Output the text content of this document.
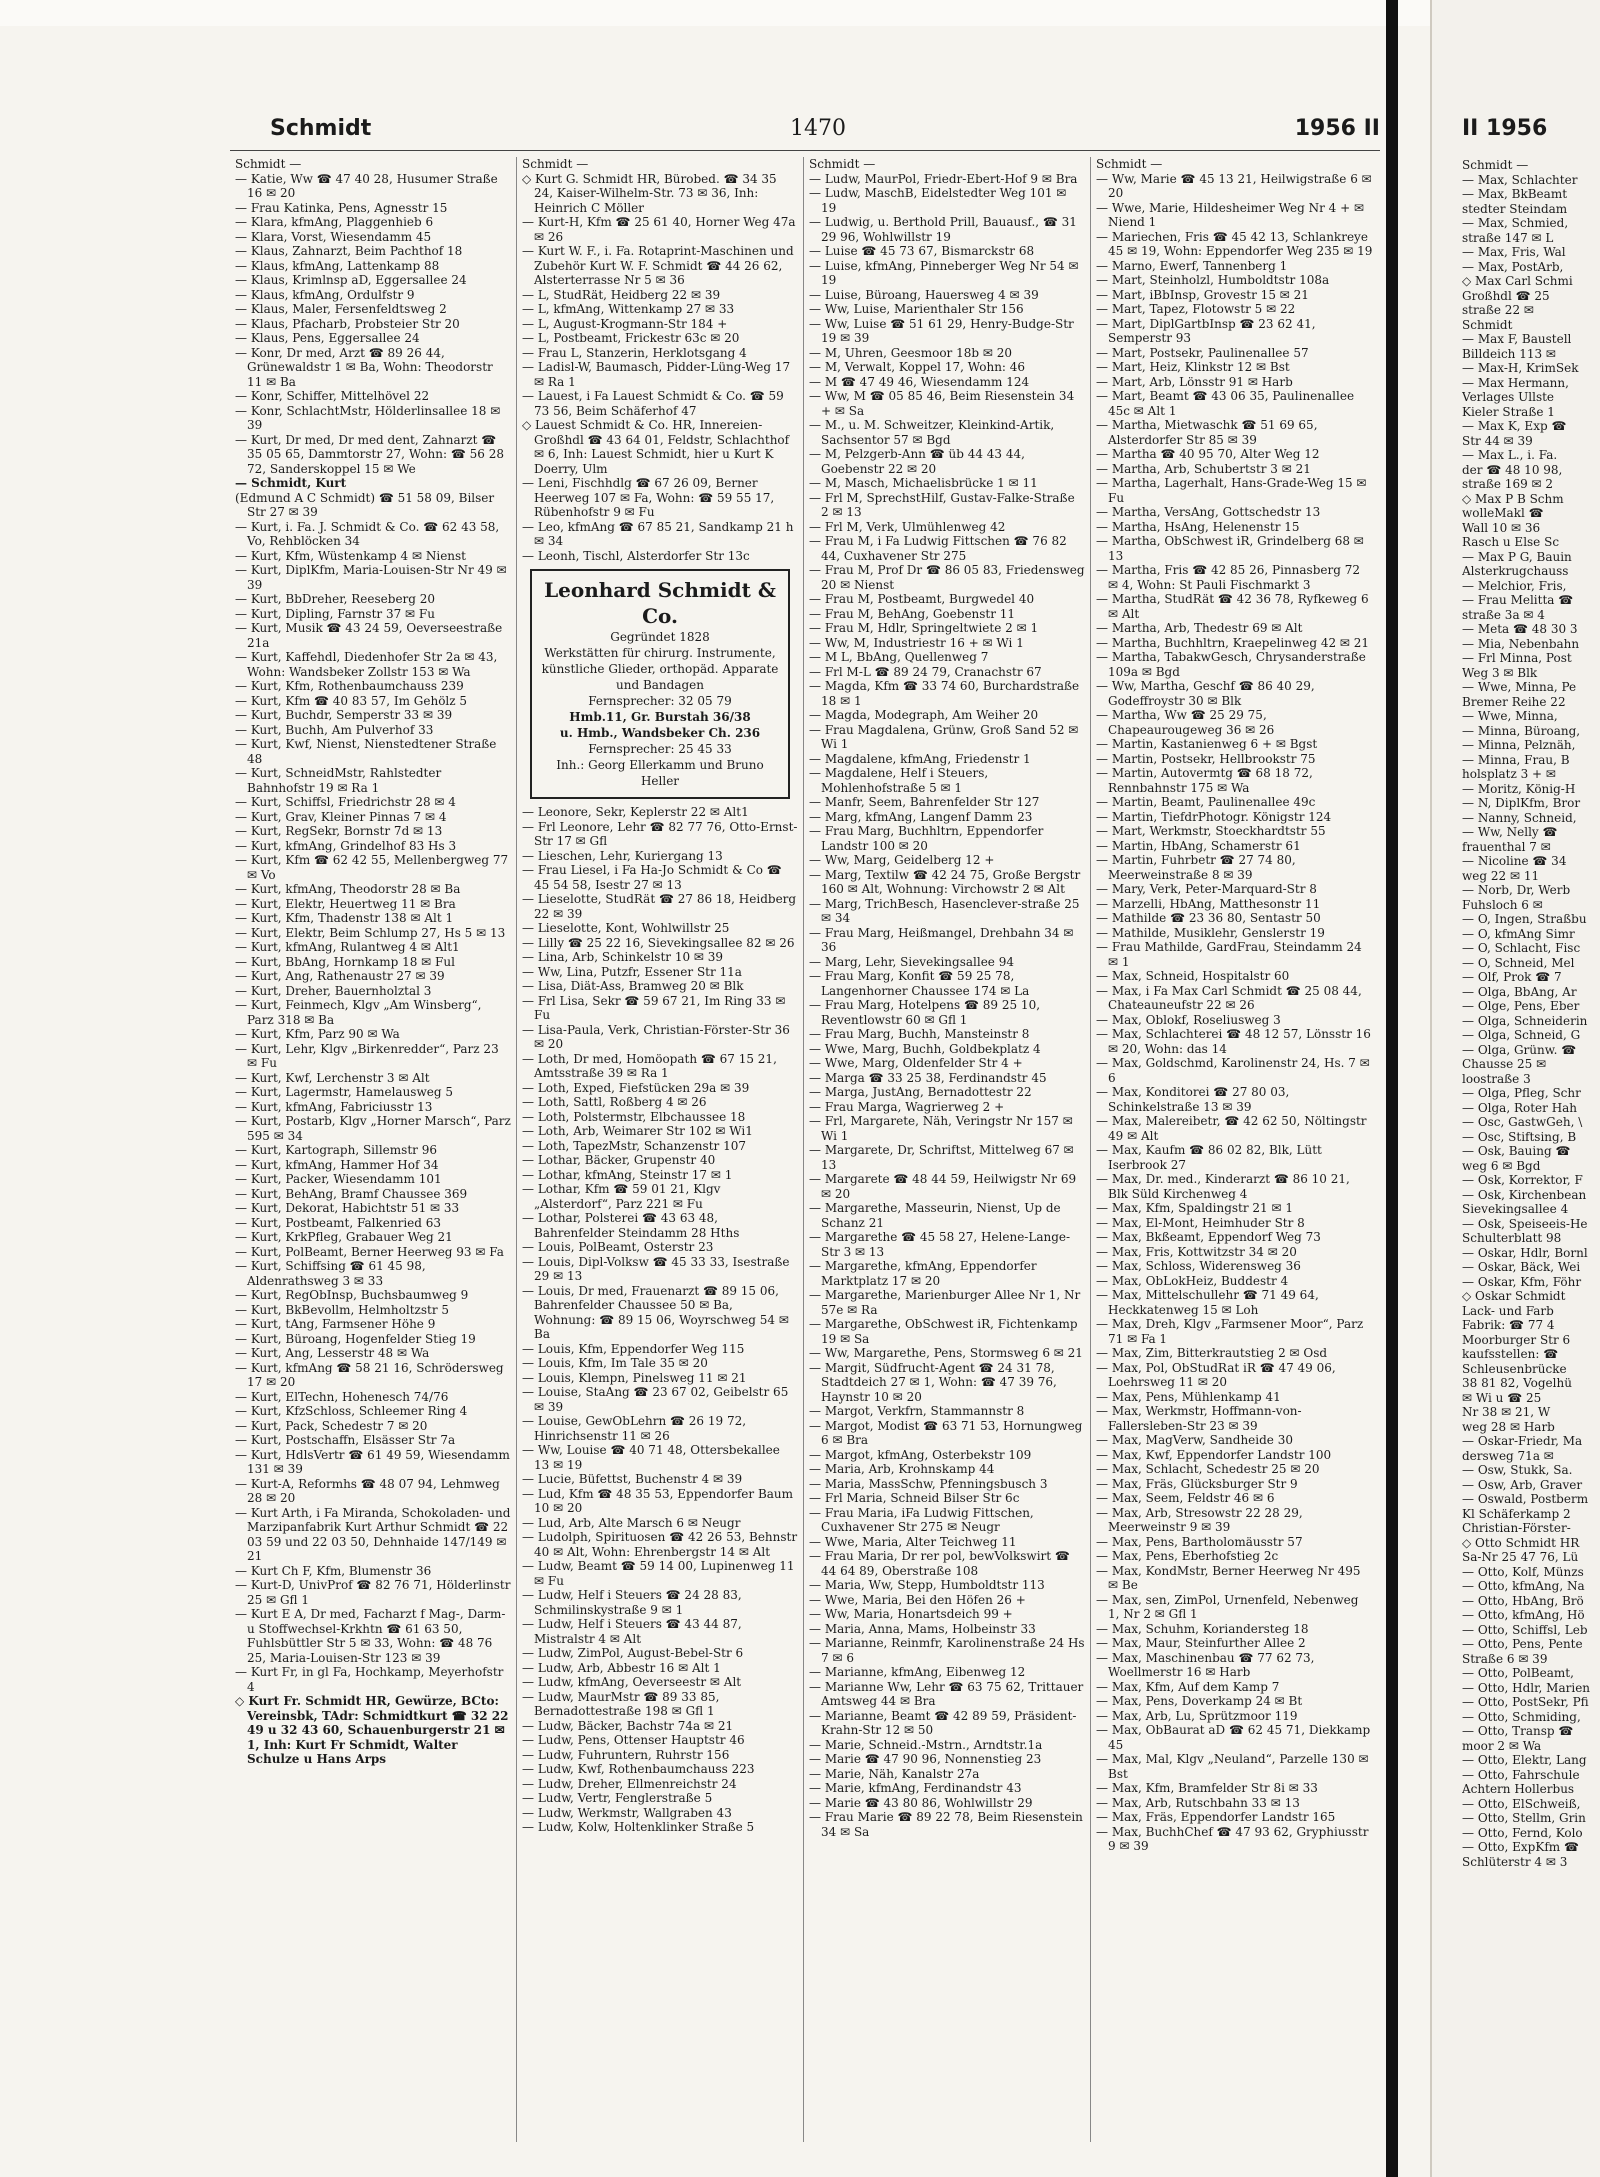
Schmidt	1470	1956 II

Schmidt —

— Katie, Ww ☎ 47 40 28, Husumer Straße 16 ✉ 20

— Frau Katinka, Pens, Agnesstr 15

— Klara, kfmAng, Plaggenhieb 6

— Klara, Vorst, Wiesendamm 45

— Klaus, Zahnarzt, Beim Pachthof 18

— Klaus, kfmAng, Lattenkamp 88

— Klaus, Krimlnsp aD, Eggersallee 24

— Klaus, kfmAng, Ordulfstr 9

— Klaus, Maler, Fersenfeldtsweg 2

— Klaus, Pfacharb, Probsteier Str 20

— Klaus, Pens, Eggersallee 24

— Konr, Dr med, Arzt ☎ 89 26 44, Grünewaldstr 1 ✉ Ba, Wohn: Theodorstr 11 ✉ Ba

— Konr, Schiffer, Mittelhövel 22

— Konr, SchlachtMstr, Hölderlinsallee 18 ✉ 39

— Kurt, Dr med, Dr med dent, Zahnarzt ☎ 35 05 65, Dammtorstr 27, Wohn: ☎ 56 28 72, Sanderskoppel 15 ✉ We

— Schmidt, Kurt

(Edmund A C Schmidt) ☎ 51 58 09, Bilser Str 27 ✉ 39

— Kurt, i. Fa. J. Schmidt & Co. ☎ 62 43 58, Vo, Rehblöcken 34

— Kurt, Kfm, Wüstenkamp 4 ✉ Nienst

— Kurt, DiplKfm, Maria-Louisen-Str Nr 49 ✉ 39

— Kurt, BbDreher, Reeseberg 20

— Kurt, Dipling, Farnstr 37 ✉ Fu

— Kurt, Musik ☎ 43 24 59, Oeverseestraße 21a

— Kurt, Kaffehdl, Diedenhofer Str 2a ✉ 43, Wohn: Wandsbeker Zollstr 153 ✉ Wa

— Kurt, Kfm, Rothenbaumchauss 239

— Kurt, Kfm ☎ 40 83 57, Im Gehölz 5

— Kurt, Buchdr, Semperstr 33 ✉ 39

— Kurt, Buchh, Am Pulverhof 33

— Kurt, Kwf, Nienst, Nienstedtener Straße 48

— Kurt, SchneidMstr, Rahlstedter Bahnhofstr 19 ✉ Ra 1

— Kurt, Schiffsl, Friedrichstr 28 ✉ 4

— Kurt, Grav, Kleiner Pinnas 7 ✉ 4

— Kurt, RegSekr, Bornstr 7d ✉ 13

— Kurt, kfmAng, Grindelhof 83 Hs 3

— Kurt, Kfm ☎ 62 42 55, Mellenbergweg 77 ✉ Vo

— Kurt, kfmAng, Theodorstr 28 ✉ Ba

— Kurt, Elektr, Heuertweg 11 ✉ Bra

— Kurt, Kfm, Thadenstr 138 ✉ Alt 1

— Kurt, Elektr, Beim Schlump 27, Hs 5 ✉ 13

— Kurt, kfmAng, Rulantweg 4 ✉ Alt1

— Kurt, BbAng, Hornkamp 18 ✉ Ful

— Kurt, Ang, Rathenaustr 27 ✉ 39

— Kurt, Dreher, Bauernholztal 3

— Kurt, Feinmech, Klgv „Am Winsberg“, Parz 318 ✉ Ba

— Kurt, Kfm, Parz 90 ✉ Wa

— Kurt, Lehr, Klgv „Birkenredder“, Parz 23 ✉ Fu

— Kurt, Kwf, Lerchenstr 3 ✉ Alt

— Kurt, Lagermstr, Hamelausweg 5

— Kurt, kfmAng, Fabriciusstr 13

— Kurt, Postarb, Klgv „Horner Marsch“, Parz 595 ✉ 34

— Kurt, Kartograph, Sillemstr 96

— Kurt, kfmAng, Hammer Hof 34

— Kurt, Packer, Wiesendamm 101

— Kurt, BehAng, Bramf Chaussee 369

— Kurt, Dekorat, Habichtstr 51 ✉ 33

— Kurt, Postbeamt, Falkenried 63

— Kurt, KrkPfleg, Grabauer Weg 21

— Kurt, PolBeamt, Berner Heerweg 93 ✉ Fa

— Kurt, Schiffsing ☎ 61 45 98, Aldenrathsweg 3 ✉ 33

— Kurt, RegObInsp, Buchsbaumweg 9

— Kurt, BkBevollm, Helmholtzstr 5

— Kurt, tAng, Farmsener Höhe 9

— Kurt, Büroang, Hogenfelder Stieg 19

— Kurt, Ang, Lesserstr 48 ✉ Wa

— Kurt, kfmAng ☎ 58 21 16, Schrödersweg 17 ✉ 20

— Kurt, ElTechn, Hohenesch 74/76

— Kurt, KfzSchloss, Schleemer Ring 4

— Kurt, Pack, Schedestr 7 ✉ 20

— Kurt, Postschaffn, Elsässer Str 7a

— Kurt, HdlsVertr ☎ 61 49 59, Wiesendamm 131 ✉ 39

— Kurt-A, Reformhs ☎ 48 07 94, Lehmweg 28 ✉ 20

— Kurt Arth, i Fa Miranda, Schokoladen- und Marzipanfabrik Kurt Arthur Schmidt ☎ 22 03 59 und 22 03 50, Dehnhaide 147/149 ✉ 21

— Kurt Ch F, Kfm, Blumenstr 36

— Kurt-D, UnivProf ☎ 82 76 71, Hölderlinstr 25 ✉ Gfl 1

— Kurt E A, Dr med, Facharzt f Mag-, Darm- u Stoffwechsel-Krkhtn ☎ 61 63 50, Fuhlsbüttler Str 5 ✉ 33, Wohn: ☎ 48 76 25, Maria-Louisen-Str 123 ✉ 39

— Kurt Fr, in gl Fa, Hochkamp, Meyerhofstr 4

◇ Kurt Fr. Schmidt HR, Gewürze, BCto: Vereinsbk, TAdr: Schmidtkurt ☎ 32 22 49 u 32 43 60, Schauenburgerstr 21 ✉ 1, Inh: Kurt Fr Schmidt, Walter Schulze u Hans Arps

Schmidt —

◇ Kurt G. Schmidt HR, Bürobed. ☎ 34 35 24, Kaiser-Wilhelm-Str. 73 ✉ 36, Inh: Heinrich C Möller

— Kurt-H, Kfm ☎ 25 61 40, Horner Weg 47a ✉ 26

— Kurt W. F., i. Fa. Rotaprint-Maschinen und Zubehör Kurt W. F. Schmidt ☎ 44 26 62, Alsterterrasse Nr 5 ✉ 36

— L, StudRät, Heidberg 22 ✉ 39

— L, kfmAng, Wittenkamp 27 ✉ 33

— L, August-Krogmann-Str 184 +

— L, Postbeamt, Frickestr 63c ✉ 20

— Frau L, Stanzerin, Herklotsgang 4

— Ladisl-W, Baumasch, Pidder-Lüng-Weg 17 ✉ Ra 1

— Lauest, i Fa Lauest Schmidt & Co. ☎ 59 73 56, Beim Schäferhof 47

◇ Lauest Schmidt & Co. HR, Innereien-Großhdl ☎ 43 64 01, Feldstr, Schlachthof ✉ 6, Inh: Lauest Schmidt, hier u Kurt K Doerry, Ulm

— Leni, Fischhdlg ☎ 67 26 09, Berner Heerweg 107 ✉ Fa, Wohn: ☎ 59 55 17, Rübenhofstr 9 ✉ Fu

— Leo, kfmAng ☎ 67 85 21, Sandkamp 21 h ✉ 34

— Leonh, Tischl, Alsterdorfer Str 13c

Leonhard Schmidt & Co.
Gegründet 1828
Werkstätten für chirurg. Instrumente, künstliche Glieder, orthopäd. Apparate und Bandagen
Fernsprecher: 32 05 79
Hmb.11, Gr. Burstah 36/38
u. Hmb., Wandsbeker Ch. 236
Fernsprecher: 25 45 33
Inh.: Georg Ellerkamm und Bruno Heller

— Leonore, Sekr, Keplerstr 22 ✉ Alt1

— Frl Leonore, Lehr ☎ 82 77 76, Otto-Ernst-Str 17 ✉ Gfl

— Lieschen, Lehr, Kuriergang 13

— Frau Liesel, i Fa Ha-Jo Schmidt & Co ☎ 45 54 58, Isestr 27 ✉ 13

— Lieselotte, StudRät ☎ 27 86 18, Heidberg 22 ✉ 39

— Lieselotte, Kont, Wohlwillstr 25

— Lilly ☎ 25 22 16, Sievekingsallee 82 ✉ 26

— Lina, Arb, Schinkelstr 10 ✉ 39

— Ww, Lina, Putzfr, Essener Str 11a

— Lisa, Diät-Ass, Bramweg 20 ✉ Blk

— Frl Lisa, Sekr ☎ 59 67 21, Im Ring 33 ✉ Fu

— Lisa-Paula, Verk, Christian-Förster-Str 36 ✉ 20

— Loth, Dr med, Homöopath ☎ 67 15 21, Amtsstraße 39 ✉ Ra 1

— Loth, Exped, Fiefstücken 29a ✉ 39

— Loth, Sattl, Roßberg 4 ✉ 26

— Loth, Polstermstr, Elbchaussee 18

— Loth, Arb, Weimarer Str 102 ✉ Wi1

— Loth, TapezMstr, Schanzenstr 107

— Lothar, Bäcker, Grupenstr 40

— Lothar, kfmAng, Steinstr 17 ✉ 1

— Lothar, Kfm ☎ 59 01 21, Klgv „Alsterdorf“, Parz 221 ✉ Fu

— Lothar, Polsterei ☎ 43 63 48, Bahrenfelder Steindamm 28 Hths

— Louis, PolBeamt, Osterstr 23

— Louis, Dipl-Volksw ☎ 45 33 33, Isestraße 29 ✉ 13

— Louis, Dr med, Frauenarzt ☎ 89 15 06, Bahrenfelder Chaussee 50 ✉ Ba, Wohnung: ☎ 89 15 06, Woyrschweg 54 ✉ Ba

— Louis, Kfm, Eppendorfer Weg 115

— Louis, Kfm, Im Tale 35 ✉ 20

— Louis, Klempn, Pinelsweg 11 ✉ 21

— Louise, StaAng ☎ 23 67 02, Geibelstr 65 ✉ 39

— Louise, GewObLehrn ☎ 26 19 72, Hinrichsenstr 11 ✉ 26

— Ww, Louise ☎ 40 71 48, Ottersbekallee 13 ✉ 19

— Lucie, Büfettst, Buchenstr 4 ✉ 39

— Lud, Kfm ☎ 48 35 53, Eppendorfer Baum 10 ✉ 20

— Lud, Arb, Alte Marsch 6 ✉ Neugr

— Ludolph, Spirituosen ☎ 42 26 53, Behnstr 40 ✉ Alt, Wohn: Ehrenbergstr 14 ✉ Alt

— Ludw, Beamt ☎ 59 14 00, Lupinenweg 11 ✉ Fu

— Ludw, Helf i Steuers ☎ 24 28 83, Schmilinskystraße 9 ✉ 1

— Ludw, Helf i Steuers ☎ 43 44 87, Mistralstr 4 ✉ Alt

— Ludw, ZimPol, August-Bebel-Str 6

— Ludw, Arb, Abbestr 16 ✉ Alt 1

— Ludw, kfmAng, Oeverseestr ✉ Alt

— Ludw, MaurMstr ☎ 89 33 85, Bernadottestraße 198 ✉ Gfl 1

— Ludw, Bäcker, Bachstr 74a ✉ 21

— Ludw, Pens, Ottenser Hauptstr 46

— Ludw, Fuhruntern, Ruhrstr 156

— Ludw, Kwf, Rothenbaumchauss 223

— Ludw, Dreher, Ellmenreichstr 24

— Ludw, Vertr, Fenglerstraße 5

— Ludw, Werkmstr, Wallgraben 43

— Ludw, Kolw, Holtenklinker Straße 5

Schmidt —

— Ludw, MaurPol, Friedr-Ebert-Hof 9 ✉ Bra

— Ludw, MaschB, Eidelstedter Weg 101 ✉ 19

— Ludwig, u. Berthold Prill, Bauausf., ☎ 31 29 96, Wohlwillstr 19

— Luise ☎ 45 73 67, Bismarckstr 68

— Luise, kfmAng, Pinneberger Weg Nr 54 ✉ 19

— Luise, Büroang, Hauersweg 4 ✉ 39

— Ww, Luise, Marienthaler Str 156

— Ww, Luise ☎ 51 61 29, Henry-Budge-Str 19 ✉ 39

— M, Uhren, Geesmoor 18b ✉ 20

— M, Verwalt, Koppel 17, Wohn: 46

— M ☎ 47 49 46, Wiesendamm 124

— Ww, M ☎ 05 85 46, Beim Riesenstein 34 + ✉ Sa

— M., u. M. Schweitzer, Kleinkind-Artik, Sachsentor 57 ✉ Bgd

— M, Pelzgerb-Ann ☎ üb 44 43 44, Goebenstr 22 ✉ 20

— M, Masch, Michaelisbrücke 1 ✉ 11

— Frl M, SprechstHilf, Gustav-Falke-Straße 2 ✉ 13

— Frl M, Verk, Ulmühlenweg 42

— Frau M, i Fa Ludwig Fittschen ☎ 76 82 44, Cuxhavener Str 275

— Frau M, Prof Dr ☎ 86 05 83, Friedensweg 20 ✉ Nienst

— Frau M, Postbeamt, Burgwedel 40

— Frau M, BehAng, Goebenstr 11

— Frau M, Hdlr, Springeltwiete 2 ✉ 1

— Ww, M, Industriestr 16 + ✉ Wi 1

— M L, BbAng, Quellenweg 7

— Frl M-L ☎ 89 24 79, Cranachstr 67

— Magda, Kfm ☎ 33 74 60, Burchardstraße 18 ✉ 1

— Magda, Modegraph, Am Weiher 20

— Frau Magdalena, Grünw, Groß Sand 52 ✉ Wi 1

— Magdalene, kfmAng, Friedenstr 1

— Magdalene, Helf i Steuers, Mohlenhofstraße 5 ✉ 1

— Manfr, Seem, Bahrenfelder Str 127

— Marg, kfmAng, Langenf Damm 23

— Frau Marg, Buchhltrn, Eppendorfer Landstr 100 ✉ 20

— Ww, Marg, Geidelberg 12 +

— Marg, Textilw ☎ 42 24 75, Große Bergstr 160 ✉ Alt, Wohnung: Virchowstr 2 ✉ Alt

— Marg, TrichBesch, Hasenclever-straße 25 ✉ 34

— Frau Marg, Heißmangel, Drehbahn 34 ✉ 36

— Marg, Lehr, Sievekingsallee 94

— Frau Marg, Konfit ☎ 59 25 78, Langenhorner Chaussee 174 ✉ La

— Frau Marg, Hotelpens ☎ 89 25 10, Reventlowstr 60 ✉ Gfl 1

— Frau Marg, Buchh, Mansteinstr 8

— Wwe, Marg, Buchh, Goldbekplatz 4

— Wwe, Marg, Oldenfelder Str 4 +

— Marga ☎ 33 25 38, Ferdinandstr 45

— Marga, JustAng, Bernadottestr 22

— Frau Marga, Wagrierweg 2 +

— Frl, Margarete, Näh, Veringstr Nr 157 ✉ Wi 1

— Margarete, Dr, Schriftst, Mittelweg 67 ✉ 13

— Margarete ☎ 48 44 59, Heilwigstr Nr 69 ✉ 20

— Margarethe, Masseurin, Nienst, Up de Schanz 21

— Margarethe ☎ 45 58 27, Helene-Lange-Str 3 ✉ 13

— Margarethe, kfmAng, Eppendorfer Marktplatz 17 ✉ 20

— Margarethe, Marienburger Allee Nr 1, Nr 57e ✉ Ra

— Margarethe, ObSchwest iR, Fichtenkamp 19 ✉ Sa

— Ww, Margarethe, Pens, Stormsweg 6 ✉ 21

— Margit, Südfrucht-Agent ☎ 24 31 78, Stadtdeich 27 ✉ 1, Wohn: ☎ 47 39 76, Haynstr 10 ✉ 20

— Margot, Verkfrn, Stammannstr 8

— Margot, Modist ☎ 63 71 53, Hornungweg 6 ✉ Bra

— Margot, kfmAng, Osterbekstr 109

— Maria, Arb, Krohnskamp 44

— Maria, MassSchw, Pfenningsbusch 3

— Frl Maria, Schneid Bilser Str 6c

— Frau Maria, iFa Ludwig Fittschen, Cuxhavener Str 275 ✉ Neugr

— Wwe, Maria, Alter Teichweg 11

— Frau Maria, Dr rer pol, bewVolkswirt ☎ 44 64 89, Oberstraße 108

— Maria, Ww, Stepp, Humboldtstr 113

— Wwe, Maria, Bei den Höfen 26 +

— Ww, Maria, Honartsdeich 99 +

— Maria, Anna, Mams, Holbeinstr 33

— Marianne, Reinmfr, Karolinenstraße 24 Hs 7 ✉ 6

— Marianne, kfmAng, Eibenweg 12

— Marianne Ww, Lehr ☎ 63 75 62, Trittauer Amtsweg 44 ✉ Bra

— Marianne, Beamt ☎ 42 89 59, Präsident-Krahn-Str 12 ✉ 50

— Marie, Schneid.-Mstrn., Arndtstr.1a

— Marie ☎ 47 90 96, Nonnenstieg 23

— Marie, Näh, Kanalstr 27a

— Marie, kfmAng, Ferdinandstr 43

— Marie ☎ 43 80 86, Wohlwillstr 29

— Frau Marie ☎ 89 22 78, Beim Riesenstein 34 ✉ Sa

Schmidt —

— Ww, Marie ☎ 45 13 21, Heilwigstraße 6 ✉ 20

— Wwe, Marie, Hildesheimer Weg Nr 4 + ✉ Niend 1

— Mariechen, Fris ☎ 45 42 13, Schlankreye 45 ✉ 19, Wohn: Eppendorfer Weg 235 ✉ 19

— Marno, Ewerf, Tannenberg 1

— Mart, Steinholzl, Humboldtstr 108a

— Mart, iBbInsp, Grovestr 15 ✉ 21

— Mart, Tapez, Flotowstr 5 ✉ 22

— Mart, DiplGartbInsp ☎ 23 62 41, Semperstr 93

— Mart, Postsekr, Paulinenallee 57

— Mart, Heiz, Klinkstr 12 ✉ Bst

— Mart, Arb, Lönsstr 91 ✉ Harb

— Mart, Beamt ☎ 43 06 35, Paulinenallee 45c ✉ Alt 1

— Martha, Mietwaschk ☎ 51 69 65, Alsterdorfer Str 85 ✉ 39

— Martha ☎ 40 95 70, Alter Weg 12

— Martha, Arb, Schubertstr 3 ✉ 21

— Martha, Lagerhalt, Hans-Grade-Weg 15 ✉ Fu

— Martha, VersAng, Gottschedstr 13

— Martha, HsAng, Helenenstr 15

— Martha, ObSchwest iR, Grindelberg 68 ✉ 13

— Martha, Fris ☎ 42 85 26, Pinnasberg 72 ✉ 4, Wohn: St Pauli Fischmarkt 3

— Martha, StudRät ☎ 42 36 78, Ryfkeweg 6 ✉ Alt

— Martha, Arb, Thedestr 69 ✉ Alt

— Martha, Buchhltrn, Kraepelinweg 42 ✉ 21

— Martha, TabakwGesch, Chrysanderstraße 109a ✉ Bgd

— Ww, Martha, Geschf ☎ 86 40 29, Godeffroystr 30 ✉ Blk

— Martha, Ww ☎ 25 29 75, Chapeaurougeweg 36 ✉ 26

— Martin, Kastanienweg 6 + ✉ Bgst

— Martin, Postsekr, Hellbrookstr 75

— Martin, Autovermtg ☎ 68 18 72, Rennbahnstr 175 ✉ Wa

— Martin, Beamt, Paulinenallee 49c

— Martin, TiefdrPhotogr. Königstr 124

— Mart, Werkmstr, Stoeckhardtstr 55

— Martin, HbAng, Schamerstr 61

— Martin, Fuhrbetr ☎ 27 74 80, Meerweinstraße 8 ✉ 39

— Mary, Verk, Peter-Marquard-Str 8

— Marzelli, HbAng, Matthesonstr 11

— Mathilde ☎ 23 36 80, Sentastr 50

— Mathilde, Musiklehr, Genslerstr 19

— Frau Mathilde, GardFrau, Steindamm 24 ✉ 1

— Max, Schneid, Hospitalstr 60

— Max, i Fa Max Carl Schmidt ☎ 25 08 44, Chateauneufstr 22 ✉ 26

— Max, Oblokf, Roseliusweg 3

— Max, Schlachterei ☎ 48 12 57, Lönsstr 16 ✉ 20, Wohn: das 14

— Max, Goldschmd, Karolinenstr 24, Hs. 7 ✉ 6

— Max, Konditorei ☎ 27 80 03, Schinkelstraße 13 ✉ 39

— Max, Malereibetr, ☎ 42 62 50, Nöltingstr 49 ✉ Alt

— Max, Kaufm ☎ 86 02 82, Blk, Lütt Iserbrook 27

— Max, Dr. med., Kinderarzt ☎ 86 10 21, Blk Süld Kirchenweg 4

— Max, Kfm, Spaldingstr 21 ✉ 1

— Max, El-Mont, Heimhuder Str 8

— Max, Bkßeamt, Eppendorf Weg 73

— Max, Fris, Kottwitzstr 34 ✉ 20

— Max, Schloss, Widerensweg 36

— Max, ObLokHeiz, Buddestr 4

— Max, Mittelschullehr ☎ 71 49 64, Heckkatenweg 15 ✉ Loh

— Max, Dreh, Klgv „Farmsener Moor“, Parz 71 ✉ Fa 1

— Max, Zim, Bitterkrautstieg 2 ✉ Osd

— Max, Pol, ObStudRat iR ☎ 47 49 06, Loehrsweg 11 ✉ 20

— Max, Pens, Mühlenkamp 41

— Max, Werkmstr, Hoffmann-von-Fallersleben-Str 23 ✉ 39

— Max, MagVerw, Sandheide 30

— Max, Kwf, Eppendorfer Landstr 100

— Max, Schlacht, Schedestr 25 ✉ 20

— Max, Fräs, Glücksburger Str 9

— Max, Seem, Feldstr 46 ✉ 6

— Max, Arb, Stresowstr 22 28 29, Meerweinstr 9 ✉ 39

— Max, Pens, Bartholomäusstr 57

— Max, Pens, Eberhofstieg 2c

— Max, KondMstr, Berner Heerweg Nr 495 ✉ Be

— Max, sen, ZimPol, Urnenfeld, Nebenweg 1, Nr 2 ✉ Gfl 1

— Max, Schuhm, Koriandersteg 18

— Max, Maur, Steinfurther Allee 2

— Max, Maschinenbau ☎ 77 62 73, Woellmerstr 16 ✉ Harb

— Max, Kfm, Auf dem Kamp 7

— Max, Pens, Doverkamp 24 ✉ Bt

— Max, Arb, Lu, Sprützmoor 119

— Max, ObBaurat aD ☎ 62 45 71, Diekkamp 45

— Max, Mal, Klgv „Neuland“, Parzelle 130 ✉ Bst

— Max, Kfm, Bramfelder Str 8i ✉ 33

— Max, Arb, Rutschbahn 33 ✉ 13

— Max, Fräs, Eppendorfer Landstr 165

— Max, BuchhChef ☎ 47 93 62, Gryphiusstr 9 ✉ 39

II 1956
Schmidt —
— Max, Schlachter
— Max, BkBeamt
stedter Steindam
— Max, Schmied,
straße 147 ✉ L
— Max, Fris, Wal
— Max, PostArb,
◇ Max Carl Schmi
Großhdl ☎ 25
straße 22 ✉
Schmidt
— Max F, Baustell
Billdeich 113 ✉
— Max-H, KrimSek
— Max Hermann,
Verlages Ullste
Kieler Straße 1
— Max K, Exp ☎
Str 44 ✉ 39
— Max L., i. Fa.
der ☎ 48 10 98,
straße 169 ✉ 2
◇ Max P B Schm
wolleMakl ☎
Wall 10 ✉ 36
Rasch u Else Sc
— Max P G, Bauin
Alsterkrugchauss
— Melchior, Fris,
— Frau Melitta ☎
straße 3a ✉ 4
— Meta ☎ 48 30 3
— Mia, Nebenbahn
— Frl Minna, Post
Weg 3 ✉ Blk
— Wwe, Minna, Pe
Bremer Reihe 22
— Wwe, Minna,
— Minna, Büroang,
— Minna, Pelznäh,
— Minna, Frau, B
holsplatz 3 + ✉
— Moritz, König-H
— N, DiplKfm, Bror
— Nanny, Schneid,
— Ww, Nelly ☎
frauenthal 7 ✉
— Nicoline ☎ 34
weg 22 ✉ 11
— Norb, Dr, Werb
Fuhsloch 6 ✉
— O, Ingen, Straßbu
— O, kfmAng Simr
— O, Schlacht, Fisc
— O, Schneid, Mel
— Olf, Prok ☎ 7
— Olga, BbAng, Ar
— Olge, Pens, Eber
— Olga, Schneiderin
— Olga, Schneid, G
— Olga, Grünw. ☎
Chausse 25 ✉
loostraße 3
— Olga, Pfleg, Schr
— Olga, Roter Hah
— Osc, GastwGeh, \
— Osc, Stiftsing, B
— Osk, Bauing ☎
weg 6 ✉ Bgd
— Osk, Korrektor, F
— Osk, Kirchenbean
Sievekingsallee 4
— Osk, Speiseeis-He
Schulterblatt 98
— Oskar, Hdlr, Bornl
— Oskar, Bäck, Wei
— Oskar, Kfm, Föhr
◇ Oskar Schmidt
Lack- und Farb
Fabrik: ☎ 77 4
Moorburger Str 6
kaufsstellen: ☎
Schleusenbrücke
38 81 82, Vogelhü
✉ Wi u ☎ 25
Nr 38 ✉ 21, W
weg 28 ✉ Harb
— Oskar-Friedr, Ma
dersweg 71a ✉
— Osw, Stukk, Sa.
— Osw, Arb, Graver
— Oswald, Postberm
Kl Schäferkamp 2
Christian-Förster-
◇ Otto Schmidt HR
Sa-Nr 25 47 76, Lü
— Otto, Kolf, Münzs
— Otto, kfmAng, Na
— Otto, HbAng, Brö
— Otto, kfmAng, Hö
— Otto, Schiffsl, Leb
— Otto, Pens, Pente
Straße 6 ✉ 39
— Otto, PolBeamt,
— Otto, Hdlr, Marien
— Otto, PostSekr, Pfi
— Otto, Schmiding,
— Otto, Transp ☎
moor 2 ✉ Wa
— Otto, Elektr, Lang
— Otto, Fahrschule
Achtern Hollerbus
— Otto, ElSchweiß,
— Otto, Stellm, Grin
— Otto, Fernd, Kolo
— Otto, ExpKfm ☎
Schlüterstr 4 ✉ 3
